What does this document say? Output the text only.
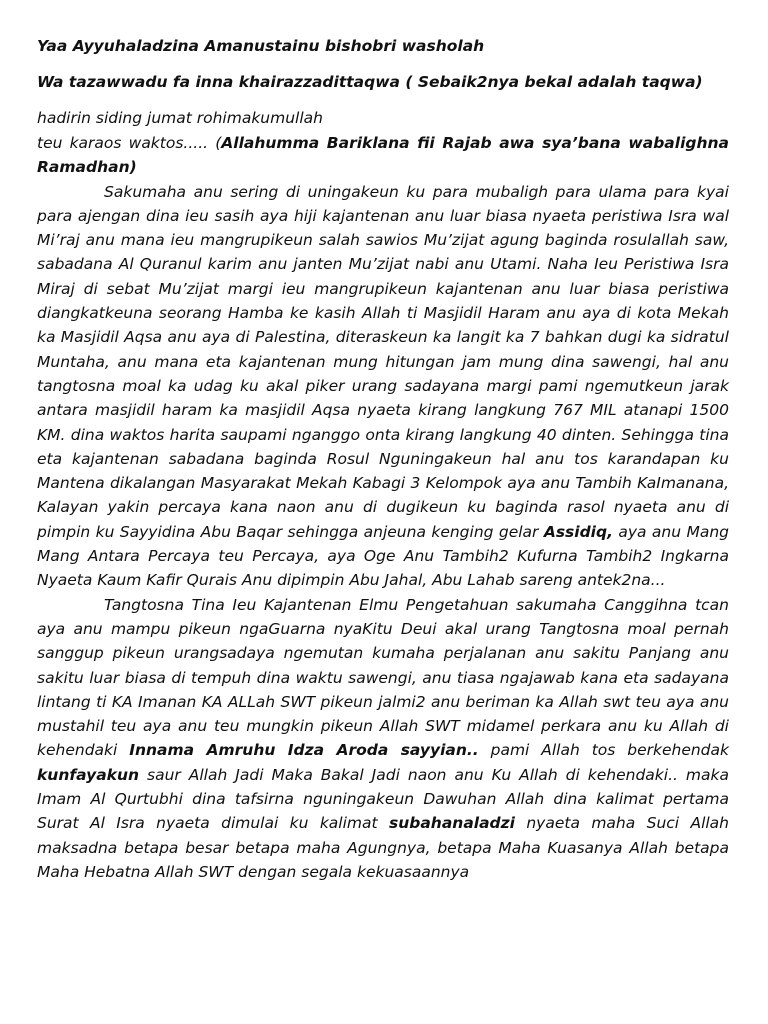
Yaa Ayyuhaladzina Amanustainu bishobri washolah

Wa tazawwadu fa inna khairazzadittaqwa ( Sebaik2nya bekal adalah taqwa)

hadirin siding jumat rohimakumullah

teu karaos waktos..... (Allahumma Bariklana fii Rajab awa sya’bana wabalighna Ramadhan)

Sakumaha anu sering di uningakeun ku para mubaligh para ulama para kyai para ajengan dina ieu sasih aya hiji kajantenan anu luar biasa nyaeta peristiwa Isra wal Mi’raj anu mana ieu mangrupikeun salah sawios Mu’zijat agung baginda rosulallah saw, sabadana Al Quranul karim anu janten Mu’zijat nabi anu Utami. Naha Ieu Peristiwa Isra Miraj di sebat Mu’zijat margi ieu mangrupikeun kajantenan anu luar biasa peristiwa diangkatkeuna seorang Hamba ke kasih Allah ti Masjidil Haram anu aya di kota Mekah ka Masjidil Aqsa anu aya di Palestina, diteraskeun ka langit ka 7 bahkan dugi ka sidratul Muntaha, anu mana eta kajantenan mung hitungan jam mung dina sawengi, hal anu tangtosna moal ka udag ku akal piker urang sadayana margi pami ngemutkeun jarak antara masjidil haram ka masjidil Aqsa nyaeta kirang langkung 767 MIL atanapi 1500 KM. dina waktos harita saupami nganggo onta kirang langkung 40 dinten. Sehingga tina eta kajantenan sabadana baginda Rosul Nguningakeun hal anu tos karandapan ku Mantena dikalangan Masyarakat Mekah Kabagi 3 Kelompok aya anu Tambih KaImanana, Kalayan yakin percaya kana naon anu di dugikeun ku baginda rasol nyaeta anu di pimpin ku Sayyidina Abu Baqar sehingga anjeuna kenging gelar Assidiq, aya anu Mang Mang Antara Percaya teu Percaya, aya Oge Anu Tambih2 Kufurna Tambih2 Ingkarna Nyaeta Kaum Kafir Qurais Anu dipimpin Abu Jahal, Abu Lahab sareng antek2na...

Tangtosna Tina Ieu Kajantenan Elmu Pengetahuan sakumaha Canggihna tcan aya anu mampu pikeun ngaGuarna nyaKitu Deui akal urang Tangtosna moal pernah sanggup pikeun urangsadaya ngemutan kumaha perjalanan anu sakitu Panjang anu sakitu luar biasa di tempuh dina waktu sawengi, anu tiasa ngajawab kana eta sadayana lintang ti KA Imanan KA ALLah SWT pikeun jalmi2 anu beriman ka Allah swt teu aya anu mustahil teu aya anu teu mungkin pikeun Allah SWT midamel perkara anu ku Allah di kehendaki Innama Amruhu Idza Aroda sayyian.. pami Allah tos berkehendak kunfayakun saur Allah Jadi Maka Bakal Jadi naon anu Ku Allah di kehendaki.. maka Imam Al Qurtubhi dina tafsirna nguningakeun Dawuhan Allah dina kalimat pertama Surat Al Isra nyaeta dimulai ku kalimat subahanaladzi nyaeta maha Suci Allah maksadna betapa besar betapa maha Agungnya, betapa Maha Kuasanya Allah betapa Maha Hebatna Allah SWT dengan segala kekuasaannya
